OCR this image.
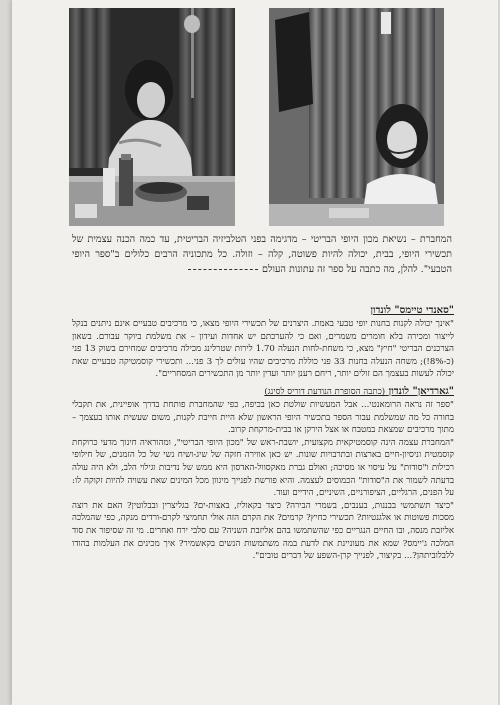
המחברת – נשיאת מכון היופי הבריטי – מדגימה בפני הטלביזיה הבריטית, עד כמה הכנה עצמית של תכשירי היופי, בבית, יכולה להיות פשוטה, קלה – וזולה. כל מתכוניה הרבים כלולים ב"ספר היופי הטבעי". להלן, מה כתבה על ספר זה עתונות העולם
"סאנדי טיימס" לונדון

"אינך יכולה לקנות בחנות יופי טבעי באמת. היצרנים של תכשירי היופי מצאו, כי מרכיבים טבעיים אינם ניתנים בנקל לייצור ומכירה בלא חומרים משמרים, ואם כי להערכתם יש אחדות ועידון – את משלמת ביוקר עבורם. בשאון הצרכנים הבריטי "חיץ" מצא, כי משחת-לחות הנעלה 1.70 לירות שטרלינג מכילה מרכיבים שמחירם בשוק 13 פני (כ-8%!); משחה הנעלה בחנות 33 פני כוללת מרכיבים שהיו עולים לך 3 פני... ותכשירי קוסמטיקה טבעיים שאת יכולה לעשות בעצמך הם זולים יותר, ריחם רענן יותר ועדין יותר מן התכשירים המסחריים".

"גארדיאן" לונדון (כתבה הסופרת הנודעת דוריס לסינג)

"ספר זה נראה הרומאנטי... אבל המעשיות שולטת כאן בכיפה, כפי שהמחברת פותחת בדרך אופיינית, את תקבלי בחורה כל מה שמשלמת עבור הספר בתכשיר היופי הראשון שלא היית חייבת לקנות, משום שעשית אותו בעצמך – מתוך מרכיבים שמצאת במטבח או אצל הירקן או בבית-מרקחת קרוב.

"המחברת עצמה הינה קוסמטיקאית מקצועית, יושבת-ראש של "מכון היופי הבריטי", ומהוראיה חינוך מדעי כרוקחת קוסמטית וניסיון-חיים בארצות ובתרבויות שונות. יש כאן אווירה חזקה של שיג-ושיח נשי של כל הזמנים, של חילופי רכילות ו"סודות" על עיסוי או מסיכה; ואולם גברת מאקסוול-האדסון היא ממש של נדיבות וגילוי הלב, ולא היה עולה בדעתה לשמור את ה"סודות" הכמוסים לעצמה. והיא פורשת לפנייך מיגוון מכל המינים שאת עשויה להיות זקוקה לו: על הפנים, הרגליים, הציפורניים, השיניים, הידיים ועוד.

"כיצד תשתמשי בבננות, בענבים, בשמרי הבירה? כיצד בקאוליז, באצות-ים? בגליצרין ובבלוטין? האם את רוצה מסכות פשוטות או אלגנטיות? תכשירי כחיץ? קרמים? את הקרם הזה אולי תחמיצי לקרם-ורדים מנקה, כפי שהמלכה אליזבת מנסה, ובו החיים הנגריים כפי שהשתמשו בהם אליזבת השניה? עם סלבי ירח ואחרים. מי זה שסיפור את סוד המלכה ג'יימס? שמא את מעוניינת את לדעת במה משתמשות הנשים בקאשמיר? איך מכינים את העלמות בהודו ללבלוביתהן?... בקיצור, לפנייך קרן-השפע של דברים טובים".
